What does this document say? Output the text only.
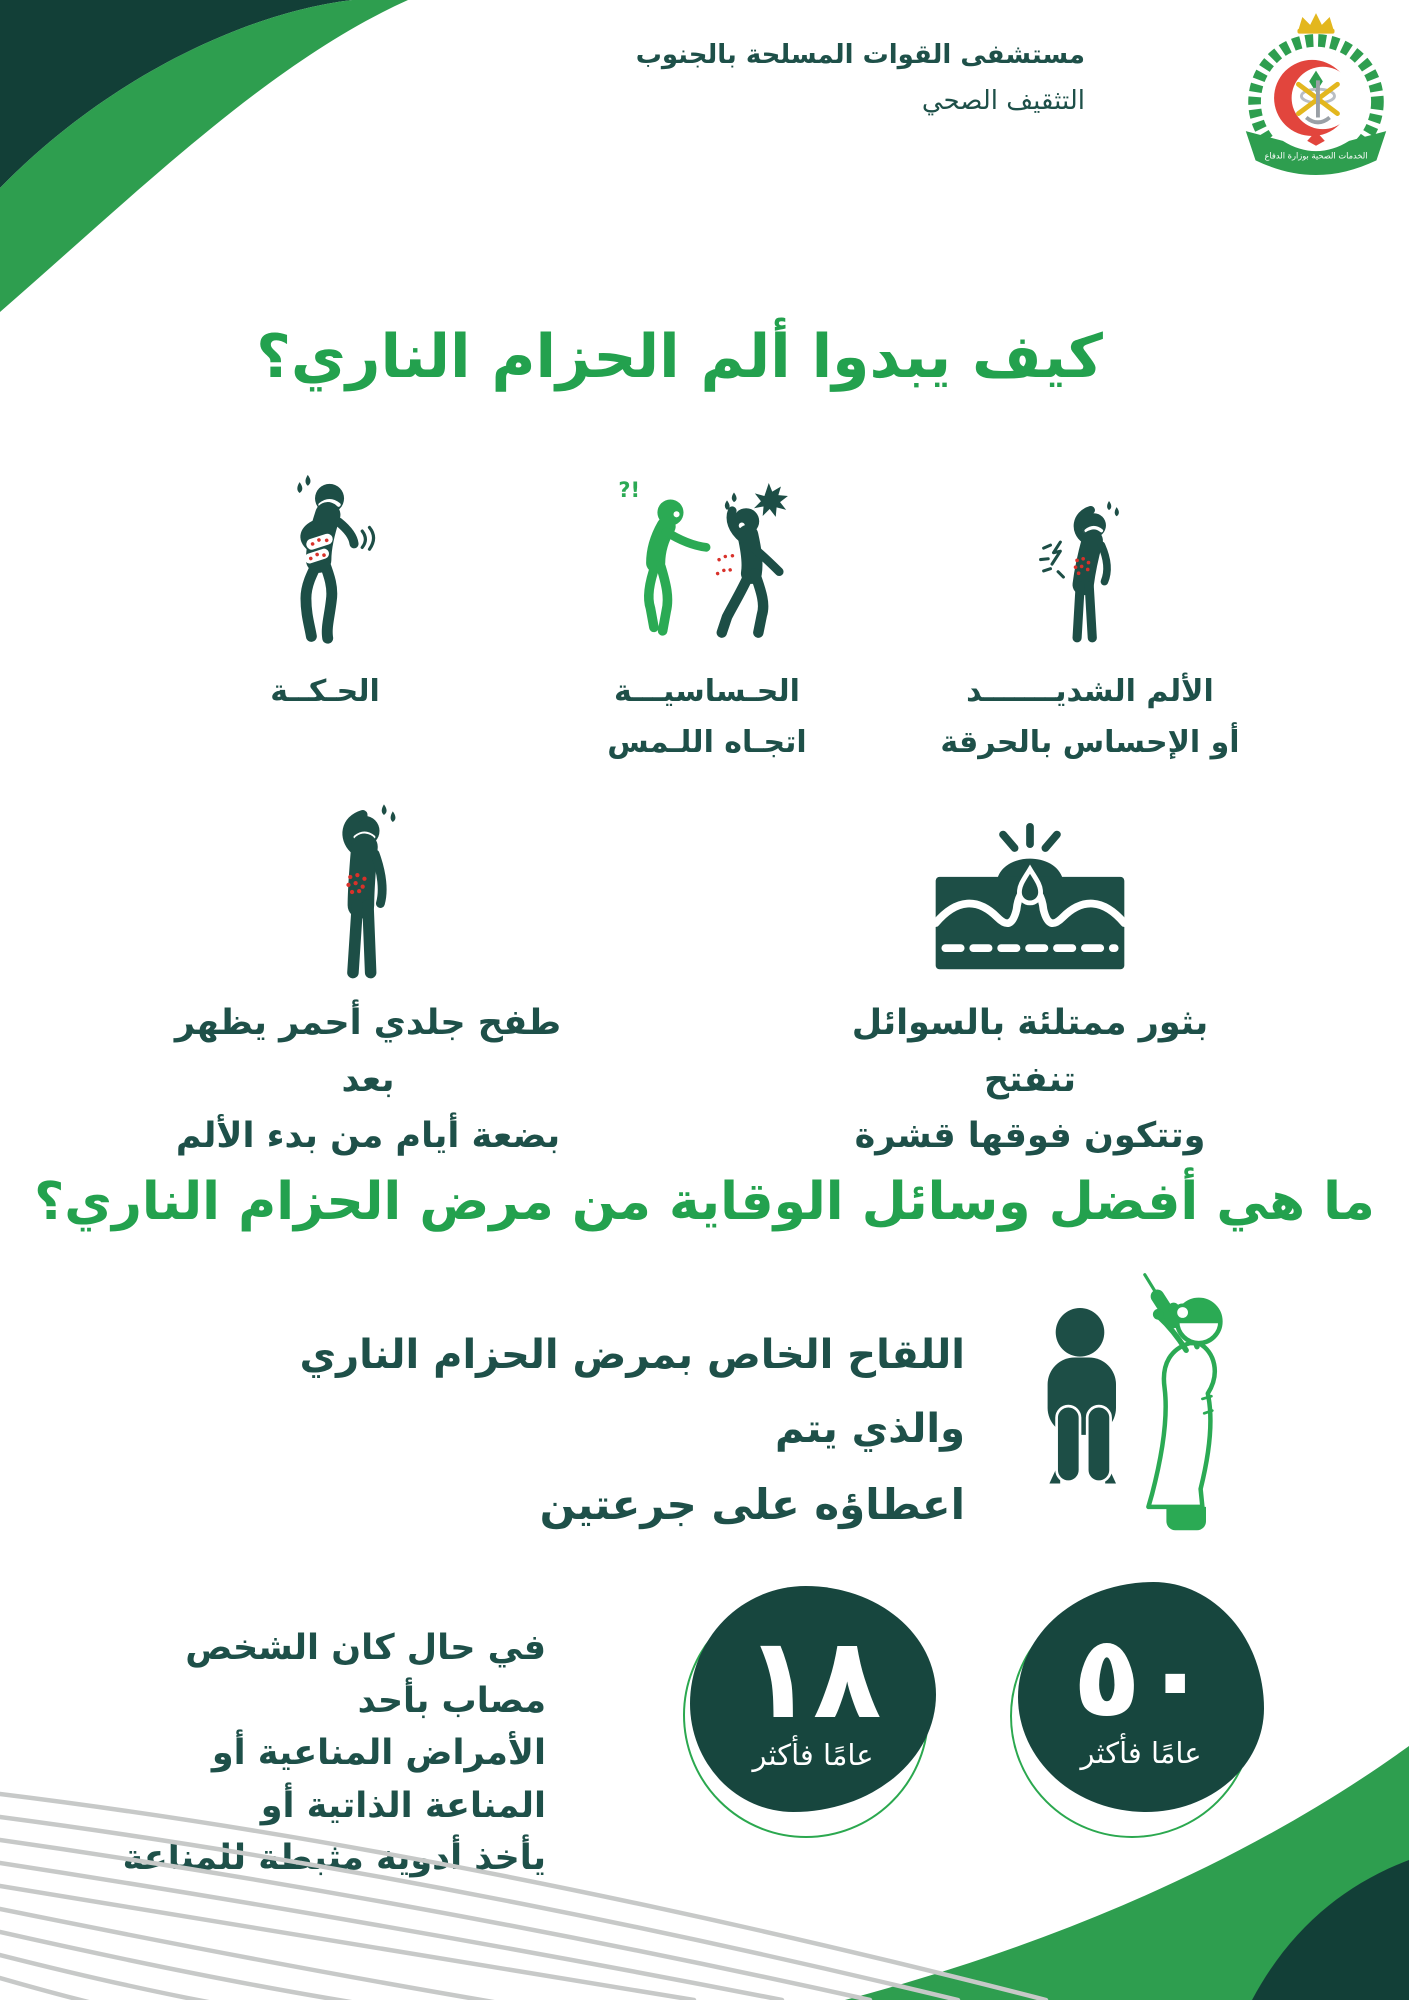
مستشفى القوات المسلحة بالجنوب
التثقيف الصحي
الخدمات الصحية بوزارة الدفاع
كيف يبدوا ألم الحزام الناري؟
الألم الشديـــــــد
أو الإحساس بالحرقة
!?
الحـساسيـــة
اتجـاه اللـمس
الحـكــة
طفح جلدي أحمر يظهر بعد
بضعة أيام من بدء الألم
بثور ممتلئة بالسوائل تنفتح
وتتكون فوقها قشرة
ما هي أفضل وسائل الوقاية من مرض الحزام الناري؟
اللقاح الخاص بمرض الحزام الناري والذي يتم
اعطاؤه على جرعتين
في حال كان الشخص مصاب بأحد
الأمراض المناعية أو المناعة الذاتية أو
يأخذ أدوية مثبطة للمناعة
١٨
عامًا فأكثر
٥٠
عامًا فأكثر
